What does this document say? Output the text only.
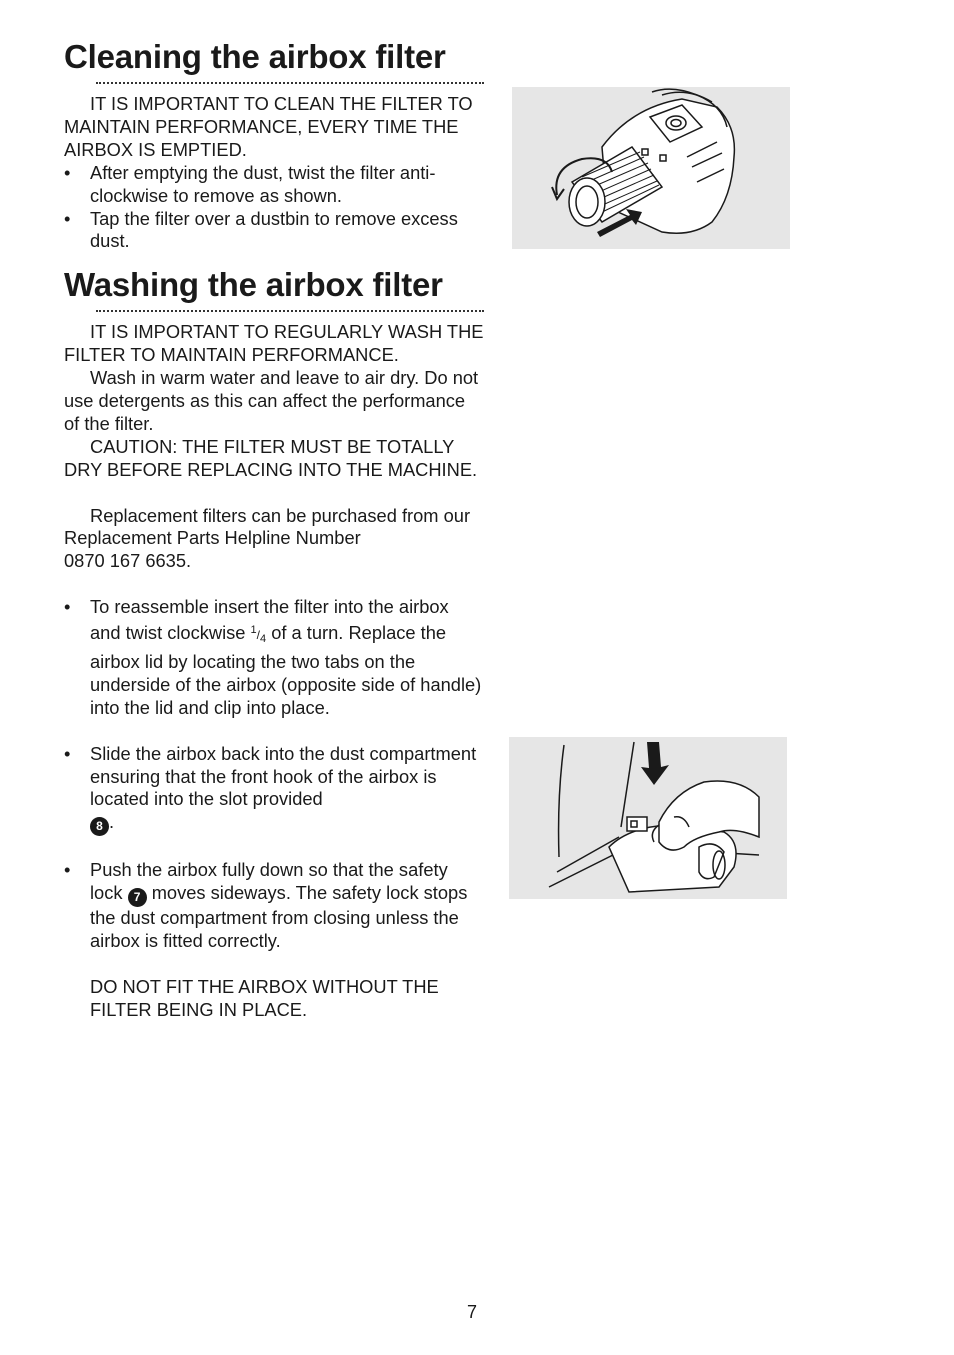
Cleaning the airbox filter

IT IS IMPORTANT TO CLEAN THE FILTER TO MAINTAIN PERFORMANCE, EVERY TIME THE AIRBOX IS EMPTIED.

• After emptying the dust, twist the filter anti-clockwise to remove as shown.
• Tap the filter over a dustbin to remove excess dust.
Washing the airbox filter

IT IS IMPORTANT TO REGULARLY WASH THE FILTER TO MAINTAIN PERFORMANCE.

Wash in warm water and leave to air dry. Do not use detergents as this can affect the performance of the filter.

CAUTION: THE FILTER MUST BE TOTALLY DRY BEFORE REPLACING INTO THE MACHINE.

Replacement filters can be purchased from our Replacement Parts Helpline Number
0870 167 6635.

• To reassemble insert the filter into the airbox and twist clockwise $^1/_4$ of a turn. Replace the airbox lid by locating the two tabs on the underside of the airbox (opposite side of handle) into the lid and clip into place.
• Slide the airbox back into the dust compartment ensuring that the front hook of the airbox is located into the slot provided
8 .
• Push the airbox fully down so that the safety lock 7 moves sideways. The safety lock stops the dust compartment from closing unless the airbox is fitted correctly.
DO NOT FIT THE AIRBOX WITHOUT THE FILTER BEING IN PLACE.
7
